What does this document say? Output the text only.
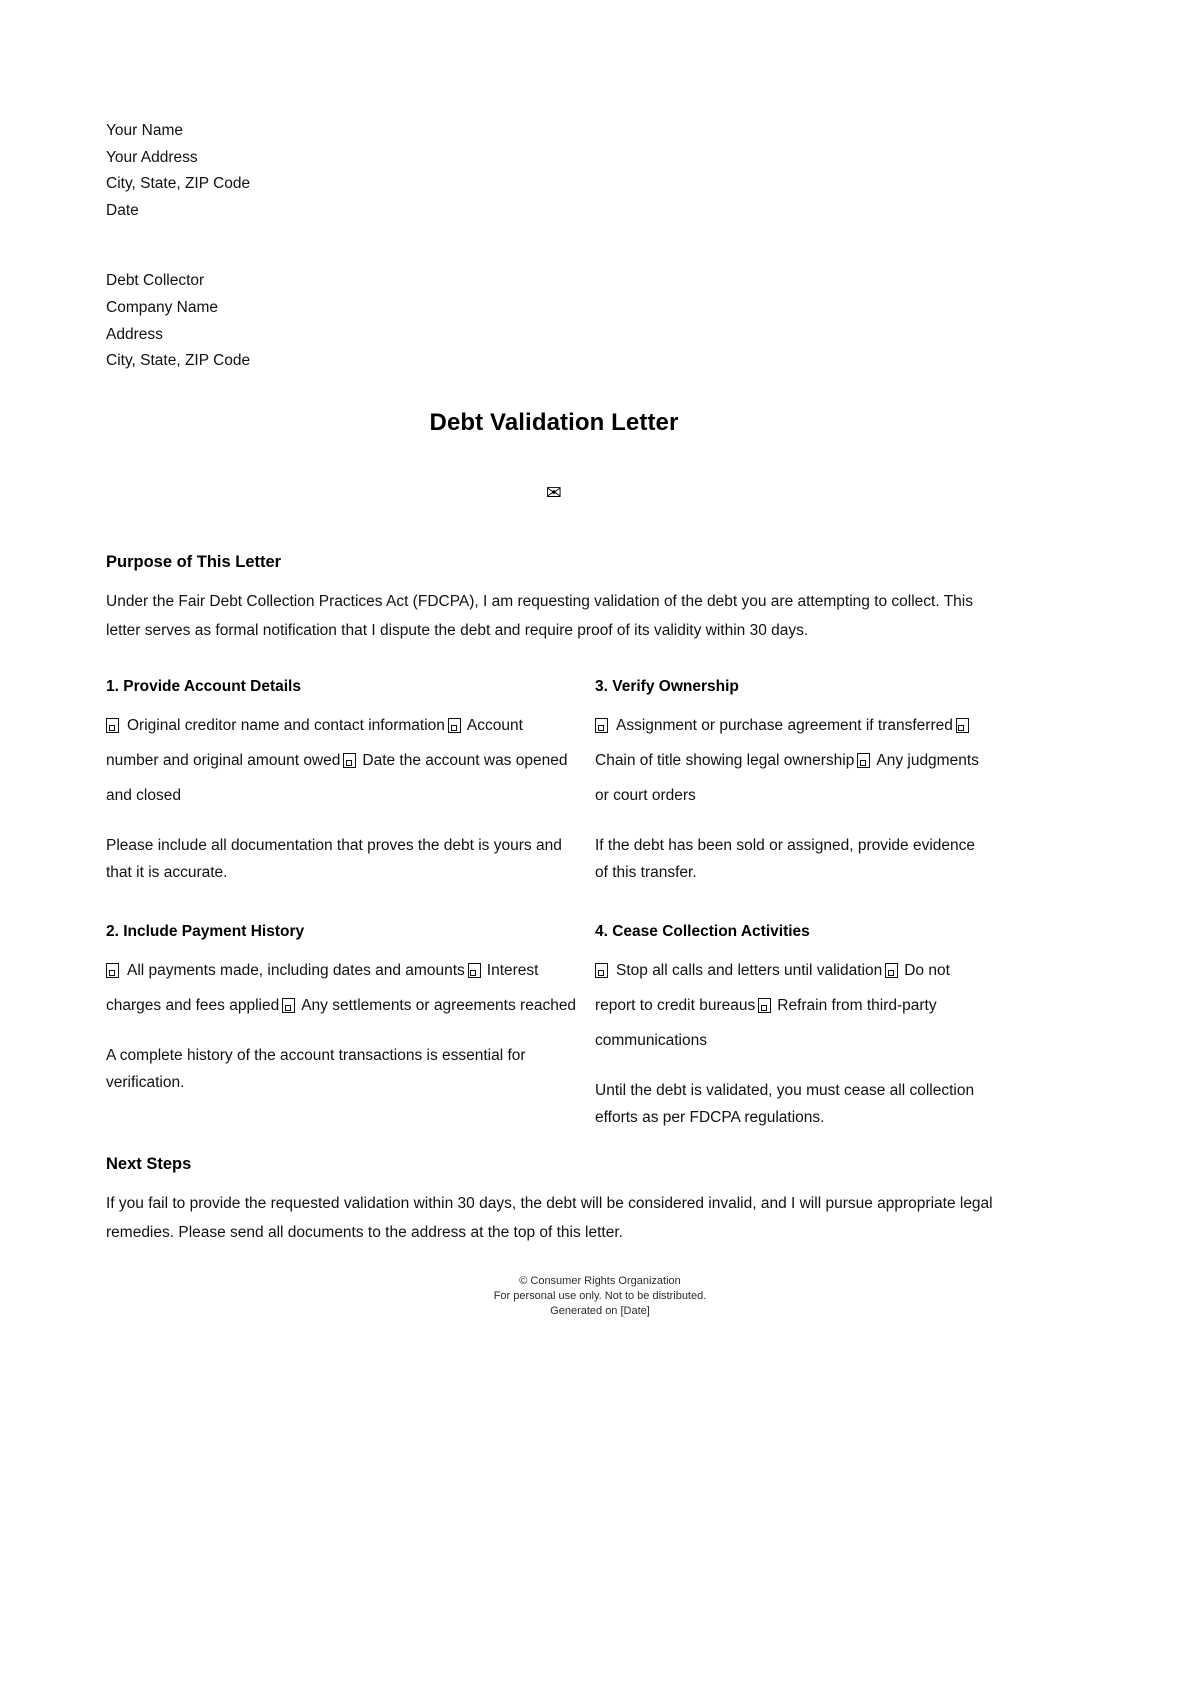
Your Name
Your Address
City, State, ZIP Code
Date
Debt Collector
Company Name
Address
City, State, ZIP Code
Debt Validation Letter
✉
Purpose of This Letter

Under the Fair Debt Collection Practices Act (FDCPA), I am requesting validation of the debt you are attempting to collect. This letter serves as formal notification that I dispute the debt and require proof of its validity within 30 days.

1. Provide Account Details
Original creditor name and contact information Account number and original amount owed Date the account was opened and closed
Please include all documentation that proves the debt is yours and that it is accurate.
3. Verify Ownership
Assignment or purchase agreement if transferredChain of title showing legal ownership Any judgments or court orders
If the debt has been sold or assigned, provide evidence of this transfer.
2. Include Payment History
All payments made, including dates and amounts Interest charges and fees applied Any settlements or agreements reached
A complete history of the account transactions is essential for verification.
4. Cease Collection Activities
Stop all calls and letters until validation Do not report to credit bureaus Refrain from third-party communications
Until the debt is validated, you must cease all collection efforts as per FDCPA regulations.
Next Steps

If you fail to provide the requested validation within 30 days, the debt will be considered invalid, and I will pursue appropriate legal remedies. Please send all documents to the address at the top of this letter.

© Consumer Rights Organization
For personal use only. Not to be distributed.
Generated on [Date]
